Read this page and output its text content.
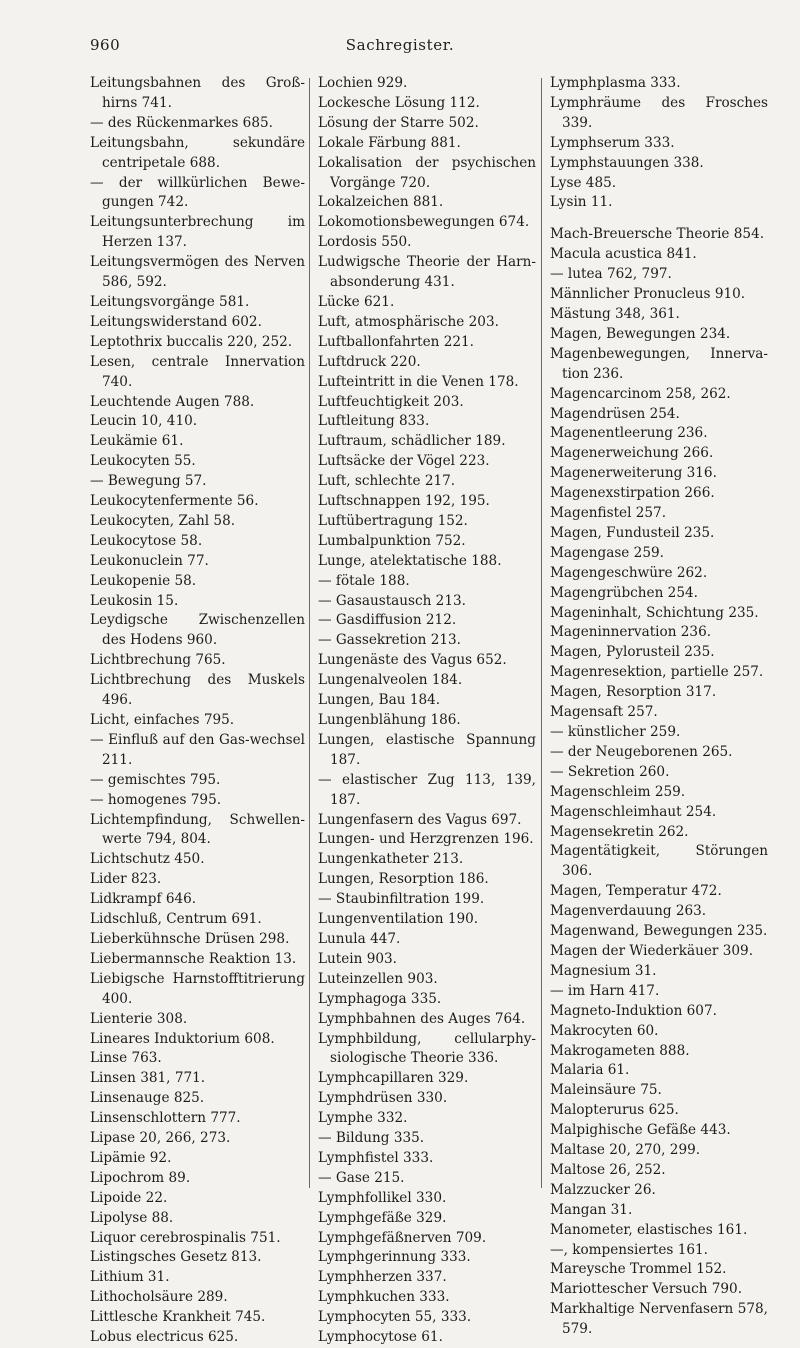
960	Sachregister.

Leitungsbahnen des Groß-hirns 741.

— des Rückenmarkes 685.

Leitungsbahn, sekundäre centripetale 688.

— der willkürlichen Bewe-gungen 742.

Leitungsunterbrechung im Herzen 137.

Leitungsvermögen des Nerven 586, 592.

Leitungsvorgänge 581.

Leitungswiderstand 602.

Leptothrix buccalis 220, 252.

Lesen, centrale Innervation 740.

Leuchtende Augen 788.

Leucin 10, 410.

Leukämie 61.

Leukocyten 55.

— Bewegung 57.

Leukocytenfermente 56.

Leukocyten, Zahl 58.

Leukocytose 58.

Leukonuclein 77.

Leukopenie 58.

Leukosin 15.

Leydigsche Zwischenzellen des Hodens 960.

Lichtbrechung 765.

Lichtbrechung des Muskels 496.

Licht, einfaches 795.

— Einfluß auf den Gas-wechsel 211.

— gemischtes 795.

— homogenes 795.

Lichtempfindung, Schwellen-werte 794, 804.

Lichtschutz 450.

Lider 823.

Lidkrampf 646.

Lidschluß, Centrum 691.

Lieberkühnsche Drüsen 298.

Liebermannsche Reaktion 13.

Liebigsche Harnstofftitrierung 400.

Lienterie 308.

Lineares Induktorium 608.

Linse 763.

Linsen 381, 771.

Linsenauge 825.

Linsenschlottern 777.

Lipase 20, 266, 273.

Lipämie 92.

Lipochrom 89.

Lipoide 22.

Lipolyse 88.

Liquor cerebrospinalis 751.

Listingsches Gesetz 813.

Lithium 31.

Lithocholsäure 289.

Littlesche Krankheit 745.

Lobus electricus 625.

Lochien 929.

Lockesche Lösung 112.

Lösung der Starre 502.

Lokale Färbung 881.

Lokalisation der psychischen Vorgänge 720.

Lokalzeichen 881.

Lokomotionsbewegungen 674.

Lordosis 550.

Ludwigsche Theorie der Harn-absonderung 431.

Lücke 621.

Luft, atmosphärische 203.

Luftballonfahrten 221.

Luftdruck 220.

Lufteintritt in die Venen 178.

Luftfeuchtigkeit 203.

Luftleitung 833.

Luftraum, schädlicher 189.

Luftsäcke der Vögel 223.

Luft, schlechte 217.

Luftschnappen 192, 195.

Luftübertragung 152.

Lumbalpunktion 752.

Lunge, atelektatische 188.

— fötale 188.

— Gasaustausch 213.

— Gasdiffusion 212.

— Gassekretion 213.

Lungenäste des Vagus 652.

Lungenalveolen 184.

Lungen, Bau 184.

Lungenblähung 186.

Lungen, elastische Spannung 187.

— elastischer Zug 113, 139, 187.

Lungenfasern des Vagus 697.

Lungen- und Herzgrenzen 196.

Lungenkatheter 213.

Lungen, Resorption 186.

— Staubinfiltration 199.

Lungenventilation 190.

Lunula 447.

Lutein 903.

Luteinzellen 903.

Lymphagoga 335.

Lymphbahnen des Auges 764.

Lymphbildung, cellularphy-siologische Theorie 336.

Lymphcapillaren 329.

Lymphdrüsen 330.

Lymphe 332.

— Bildung 335.

Lymphfistel 333.

— Gase 215.

Lymphfollikel 330.

Lymphgefäße 329.

Lymphgefäßnerven 709.

Lymphgerinnung 333.

Lymphherzen 337.

Lymphkuchen 333.

Lymphocyten 55, 333.

Lymphocytose 61.

Lymphplasma 333.

Lymphräume des Frosches 339.

Lymphserum 333.

Lymphstauungen 338.

Lyse 485.

Lysin 11.

Mach-Breuersche Theorie 854.

Macula acustica 841.

— lutea 762, 797.

Männlicher Pronucleus 910.

Mästung 348, 361.

Magen, Bewegungen 234.

Magenbewegungen, Innerva-tion 236.

Magencarcinom 258, 262.

Magendrüsen 254.

Magenentleerung 236.

Magenerweichung 266.

Magenerweiterung 316.

Magenexstirpation 266.

Magenfistel 257.

Magen, Fundusteil 235.

Magengase 259.

Magengeschwüre 262.

Magengrübchen 254.

Mageninhalt, Schichtung 235.

Mageninnervation 236.

Magen, Pylorusteil 235.

Magenresektion, partielle 257.

Magen, Resorption 317.

Magensaft 257.

— künstlicher 259.

— der Neugeborenen 265.

— Sekretion 260.

Magenschleim 259.

Magenschleimhaut 254.

Magensekretin 262.

Magentätigkeit, Störungen 306.

Magen, Temperatur 472.

Magenverdauung 263.

Magenwand, Bewegungen 235.

Magen der Wiederkäuer 309.

Magnesium 31.

— im Harn 417.

Magneto-Induktion 607.

Makrocyten 60.

Makrogameten 888.

Malaria 61.

Maleinsäure 75.

Malopterurus 625.

Malpighische Gefäße 443.

Maltase 20, 270, 299.

Maltose 26, 252.

Malzzucker 26.

Mangan 31.

Manometer, elastisches 161.

—, kompensiertes 161.

Mareysche Trommel 152.

Mariottescher Versuch 790.

Markhaltige Nervenfasern 578, 579.
